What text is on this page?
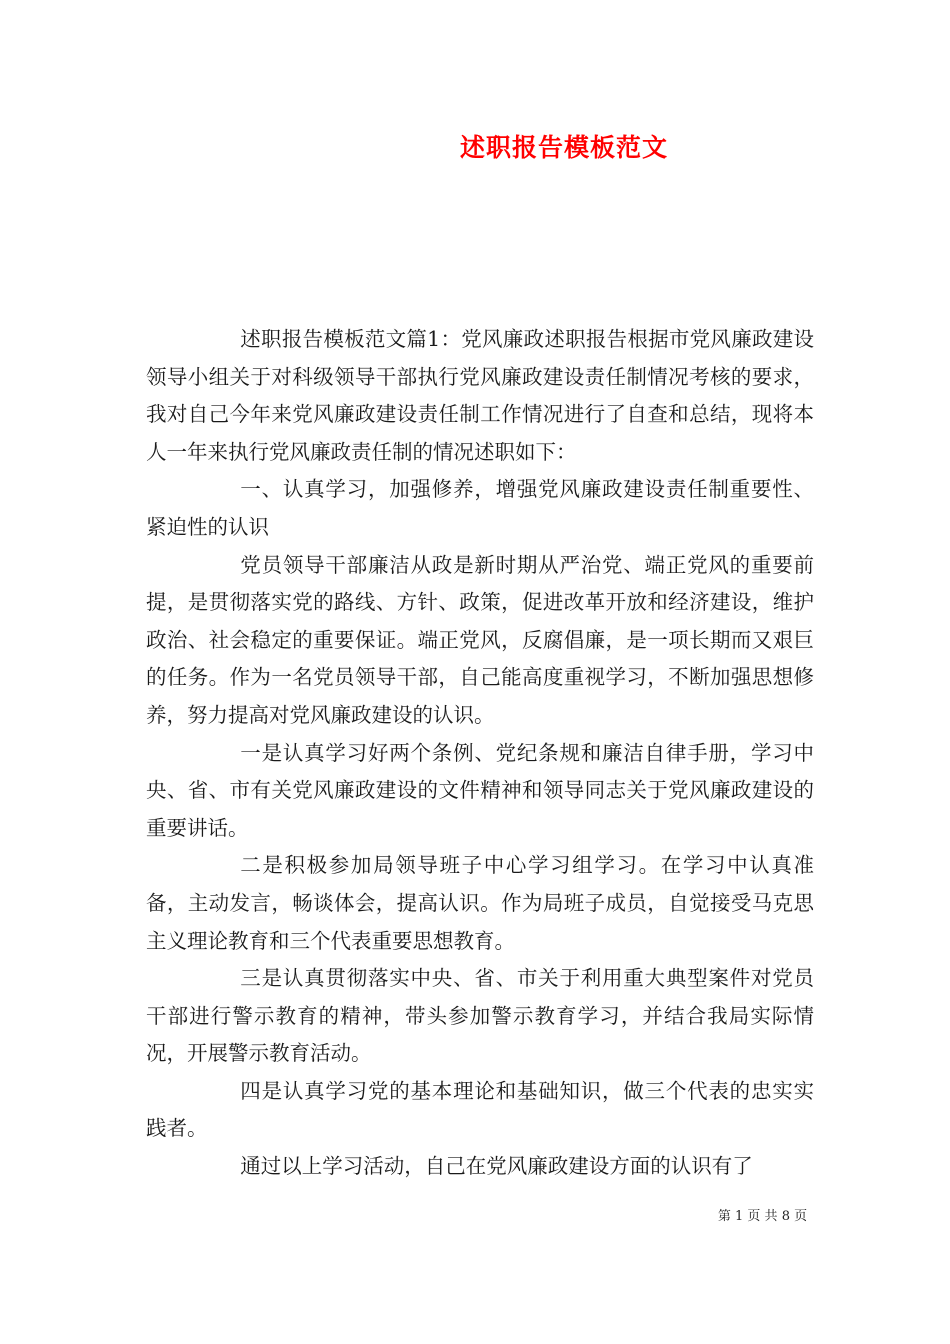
述职报告模板范文

述职报告模板范文篇1：党风廉政述职报告根据市党风廉政建设领导小组关于对科级领导干部执行党风廉政建设责任制情况考核的要求，我对自己今年来党风廉政建设责任制工作情况进行了自查和总结，现将本人一年来执行党风廉政责任制的情况述职如下：

一、认真学习，加强修养，增强党风廉政建设责任制重要性、紧迫性的认识

党员领导干部廉洁从政是新时期从严治党、端正党风的重要前提，是贯彻落实党的路线、方针、政策，促进改革开放和经济建设，维护政治、社会稳定的重要保证。端正党风，反腐倡廉，是一项长期而又艰巨的任务。作为一名党员领导干部，自己能高度重视学习，不断加强思想修养，努力提高对党风廉政建设的认识。

一是认真学习好两个条例、党纪条规和廉洁自律手册，学习中央、省、市有关党风廉政建设的文件精神和领导同志关于党风廉政建设的重要讲话。

二是积极参加局领导班子中心学习组学习。在学习中认真准备，主动发言，畅谈体会，提高认识。作为局班子成员，自觉接受马克思主义理论教育和三个代表重要思想教育。

三是认真贯彻落实中央、省、市关于利用重大典型案件对党员干部进行警示教育的精神，带头参加警示教育学习，并结合我局实际情况，开展警示教育活动。

四是认真学习党的基本理论和基础知识，做三个代表的忠实实践者。

通过以上学习活动，自己在党风廉政建设方面的认识有了

第 1 页 共 8 页
